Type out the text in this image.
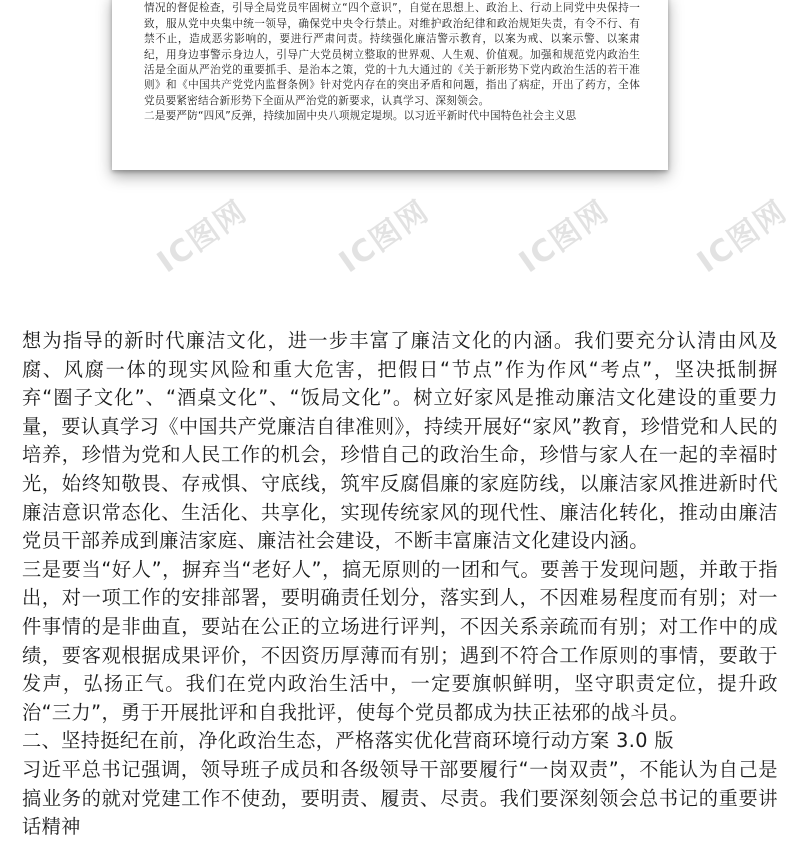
情况的督促检查，引导全局党员牢固树立“四个意识”，自觉在思想上、政治上、行动上同党中央保持一致，服从党中央集中统一领导，确保党中央令行禁止。对维护政治纪律和政治规矩失责，有令不行、有禁不止，造成恶劣影响的，要进行严肃问责。持续强化廉洁警示教育，以案为戒、以案示警、以案肃纪，用身边事警示身边人，引导广大党员树立整取的世界观、人生观、价值观。加强和规范党内政治生活是全面从严治党的重要抓手、是治本之策，党的十九大通过的《关于新形势下党内政治生活的若干准则》和《中国共产党党内监督条例》针对党内存在的突出矛盾和问题，指出了病症，开出了药方，全体党员要紧密结合新形势下全面从严治党的新要求，认真学习、深刻领会。

二是要严防“四风”反弹，持续加固中央八项规定堤坝。以习近平新时代中国特色社会主义思

IC图网	IC图网	IC图网	IC图网

想为指导的新时代廉洁文化，进一步丰富了廉洁文化的内涵。我们要充分认清由风及腐、风腐一体的现实风险和重大危害，把假日“节点”作为作风“考点”，坚决抵制摒弃“圈子文化”、“酒桌文化”、“饭局文化”。树立好家风是推动廉洁文化建设的重要力量，要认真学习《中国共产党廉洁自律准则》，持续开展好“家风”教育，珍惜党和人民的培养，珍惜为党和人民工作的机会，珍惜自己的政治生命，珍惜与家人在一起的幸福时光，始终知敬畏、存戒惧、守底线，筑牢反腐倡廉的家庭防线，以廉洁家风推进新时代廉洁意识常态化、生活化、共享化，实现传统家风的现代性、廉洁化转化，推动由廉洁党员干部养成到廉洁家庭、廉洁社会建设，不断丰富廉洁文化建设内涵。

三是要当“好人”，摒弃当“老好人”，搞无原则的一团和气。要善于发现问题，并敢于指出，对一项工作的安排部署，要明确责任划分，落实到人，不因难易程度而有别；对一件事情的是非曲直，要站在公正的立场进行评判，不因关系亲疏而有别；对工作中的成绩，要客观根据成果评价，不因资历厚薄而有别；遇到不符合工作原则的事情，要敢于发声，弘扬正气。我们在党内政治生活中，一定要旗帜鲜明，坚守职责定位，提升政治“三力”，勇于开展批评和自我批评，使每个党员都成为扶正祛邪的战斗员。

二、坚持挺纪在前，净化政治生态，严格落实优化营商环境行动方案 3.0 版

习近平总书记强调，领导班子成员和各级领导干部要履行“一岗双责”，不能认为自己是搞业务的就对党建工作不使劲，要明责、履责、尽责。我们要深刻领会总书记的重要讲话精神
